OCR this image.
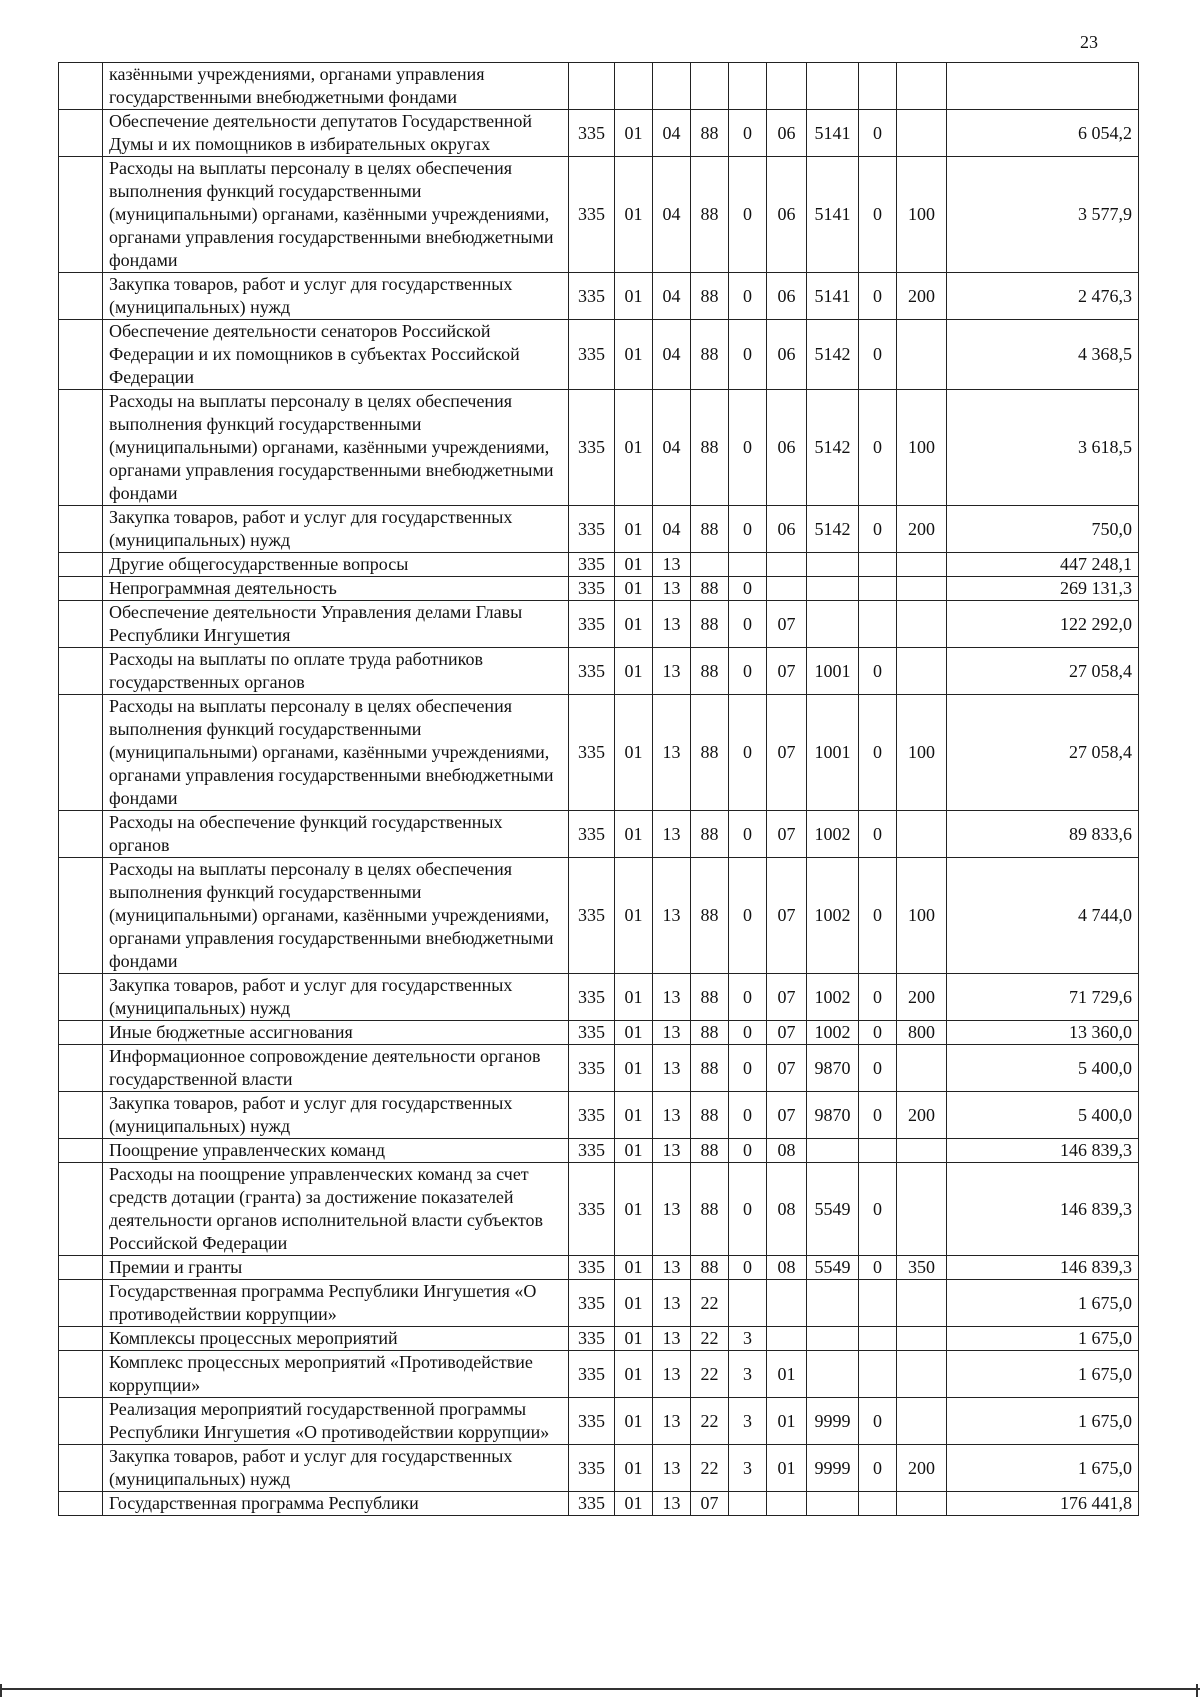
23
	казёнными учреждениями, органами управления государственными внебюджетными фондами										
	Обеспечение деятельности депутатов Государственной Думы и их помощников в избирательных округах	335	01	04	88	0	06	5141	0		6 054,2
	Расходы на выплаты персоналу в целях обеспечения выполнения функций государственными (муниципальными) органами, казёнными учреждениями, органами управления государственными внебюджетными фондами	335	01	04	88	0	06	5141	0	100	3 577,9
	Закупка товаров, работ и услуг для государственных (муниципальных) нужд	335	01	04	88	0	06	5141	0	200	2 476,3
	Обеспечение деятельности сенаторов Российской Федерации и их помощников в субъектах Российской Федерации	335	01	04	88	0	06	5142	0		4 368,5
	Расходы на выплаты персоналу в целях обеспечения выполнения функций государственными (муниципальными) органами, казёнными учреждениями, органами управления государственными внебюджетными фондами	335	01	04	88	0	06	5142	0	100	3 618,5
	Закупка товаров, работ и услуг для государственных (муниципальных) нужд	335	01	04	88	0	06	5142	0	200	750,0
	Другие общегосударственные вопросы	335	01	13							447 248,1
	Непрограммная деятельность	335	01	13	88	0					269 131,3
	Обеспечение деятельности Управления делами Главы Республики Ингушетия	335	01	13	88	0	07				122 292,0
	Расходы на выплаты по оплате труда работников государственных органов	335	01	13	88	0	07	1001	0		27 058,4
	Расходы на выплаты персоналу в целях обеспечения выполнения функций государственными (муниципальными) органами, казёнными учреждениями, органами управления государственными внебюджетными фондами	335	01	13	88	0	07	1001	0	100	27 058,4
	Расходы на обеспечение функций государственных органов	335	01	13	88	0	07	1002	0		89 833,6
	Расходы на выплаты персоналу в целях обеспечения выполнения функций государственными (муниципальными) органами, казёнными учреждениями, органами управления государственными внебюджетными фондами	335	01	13	88	0	07	1002	0	100	4 744,0
	Закупка товаров, работ и услуг для государственных (муниципальных) нужд	335	01	13	88	0	07	1002	0	200	71 729,6
	Иные бюджетные ассигнования	335	01	13	88	0	07	1002	0	800	13 360,0
	Информационное сопровождение деятельности органов государственной власти	335	01	13	88	0	07	9870	0		5 400,0
	Закупка товаров, работ и услуг для государственных (муниципальных) нужд	335	01	13	88	0	07	9870	0	200	5 400,0
	Поощрение управленческих команд	335	01	13	88	0	08				146 839,3
	Расходы на поощрение управленческих команд за счет средств дотации (гранта) за достижение показателей деятельности органов исполнительной власти субъектов Российской Федерации	335	01	13	88	0	08	5549	0		146 839,3
	Премии и гранты	335	01	13	88	0	08	5549	0	350	146 839,3
	Государственная программа Республики Ингушетия «О противодействии коррупции»	335	01	13	22						1 675,0
	Комплексы процессных мероприятий	335	01	13	22	3					1 675,0
	Комплекс процессных мероприятий «Противодействие коррупции»	335	01	13	22	3	01				1 675,0
	Реализация мероприятий государственной программы Республики Ингушетия «О противодействии коррупции»	335	01	13	22	3	01	9999	0		1 675,0
	Закупка товаров, работ и услуг для государственных (муниципальных) нужд	335	01	13	22	3	01	9999	0	200	1 675,0
	Государственная программа Республики	335	01	13	07						176 441,8
